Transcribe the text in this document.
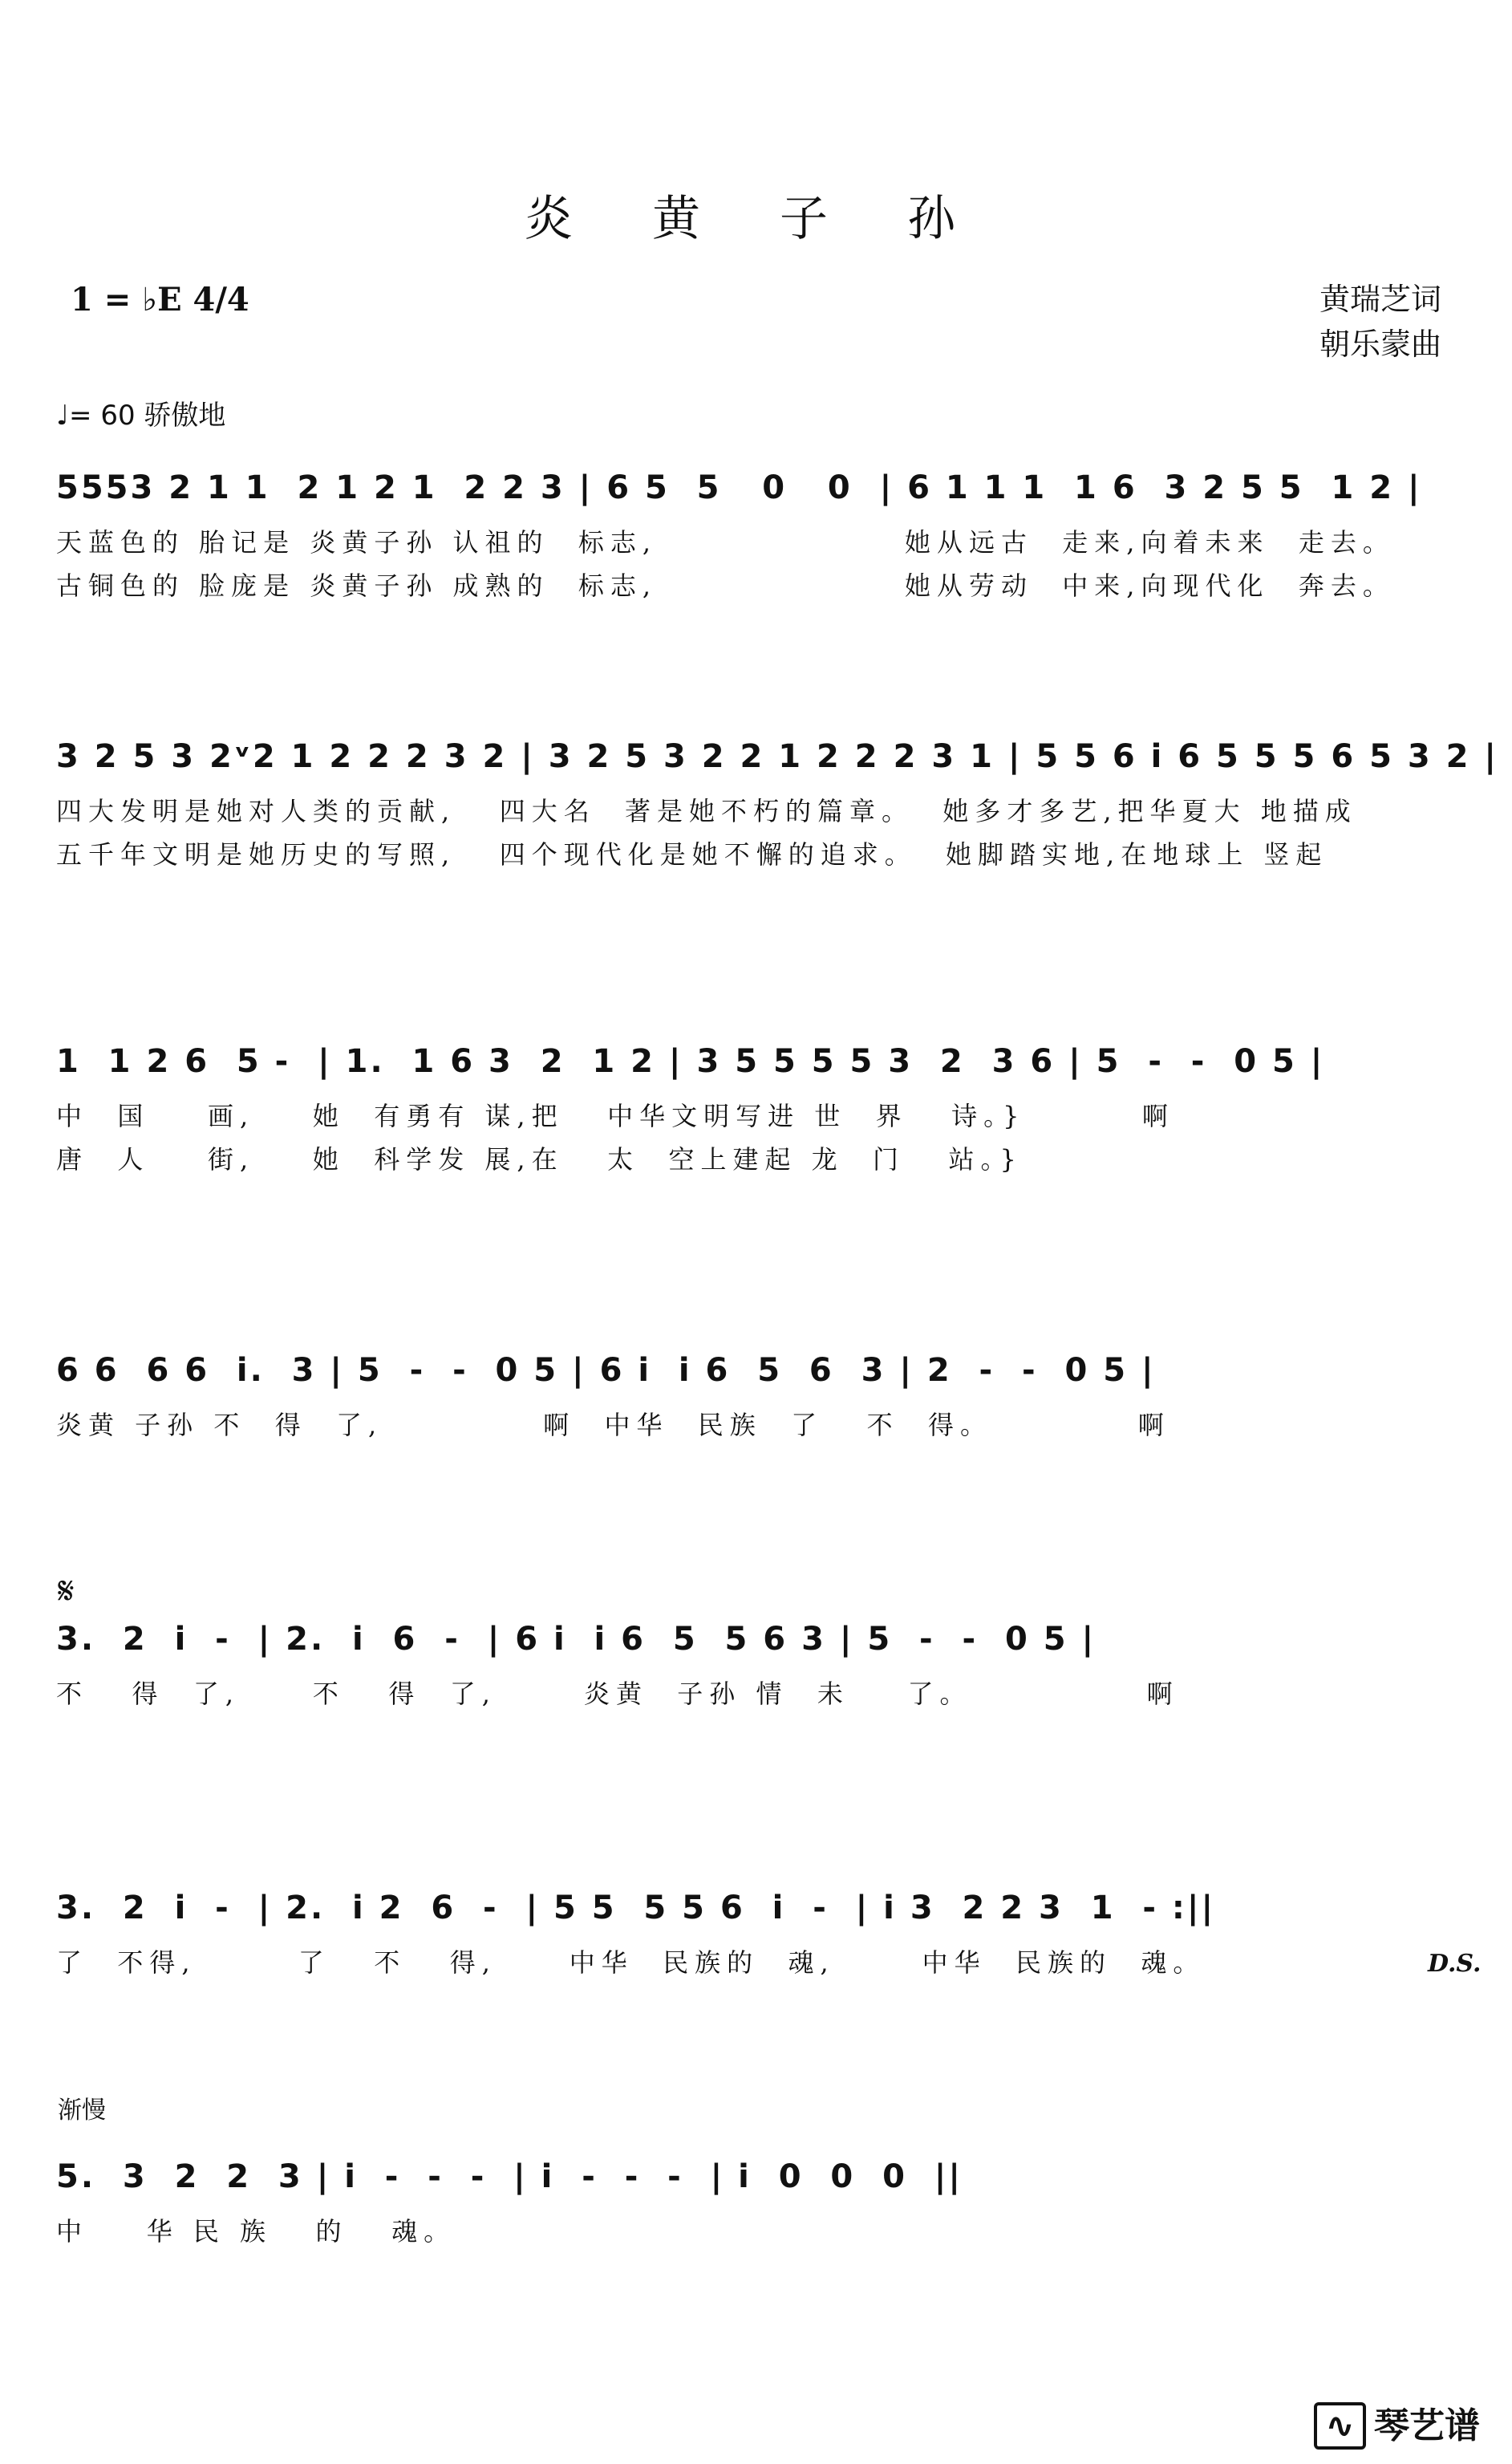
炎 黄 子 孙
1 = ♭E 4/4	黄瑞芝词
朝乐蒙曲
♩= 60 骄傲地
5553 2 1 1  2 1 2 1  2 2 3 | 6 5  5   0   0  | 6 1 1 1  1 6  3 2 5 5  1 2 |
天蓝色的 胎记是 炎黄子孙 认祖的  标志,                 她从远古  走来,向着未来  走去。
古铜色的 脸庞是 炎黄子孙 成熟的  标志,                 她从劳动  中来,向现代化  奔去。
3 2 5 3 2ᵛ2 1 2 2 2 3 2 | 3 2 5 3 2 2 1 2 2 2 3 1 | 5 5 6 i 6 5 5 5 6 5 3 2 |
四大发明是她对人类的贡献,   四大名  著是她不朽的篇章。  她多才多艺,把华夏大 地描成
五千年文明是她历史的写照,   四个现代化是她不懈的追求。  她脚踏实地,在地球上 竖起
1  1 2 6  5 -  | 1.  1 6 3  2  1 2 | 3 5 5 5 5 3  2  3 6 | 5  -  -  0 5 |
中  国    画,    她  有勇有 谋,把   中华文明写进 世  界   诗。}        啊
唐  人    街,    她  科学发 展,在   太  空上建起 龙  门   站。}
6 6  6 6  i.  3 | 5  -  -  0 5 | 6 i  i 6  5  6  3 | 2  -  -  0 5 |
炎黄 子孙 不  得  了,           啊  中华  民族  了   不  得。          啊
𝄋
3.  2  i  -  | 2.  i  6  -  | 6 i  i 6  5  5 6 3 | 5  -  -  0 5 |
不   得  了,     不   得  了,      炎黄  子孙 情  未    了。            啊
3.  2  i  -  | 2.  i 2  6  -  | 5 5  5 5 6  i  -  | i 3  2 2 3  1  - :||
了  不得,       了   不   得,     中华  民族的  魂,      中华  民族的  魂。	D.S.
渐慢
5.  3  2  2  3 | i  -  -  -  | i  -  -  -  | i  0  0  0  ||
中    华 民 族   的   魂。
∿ 琴艺谱
